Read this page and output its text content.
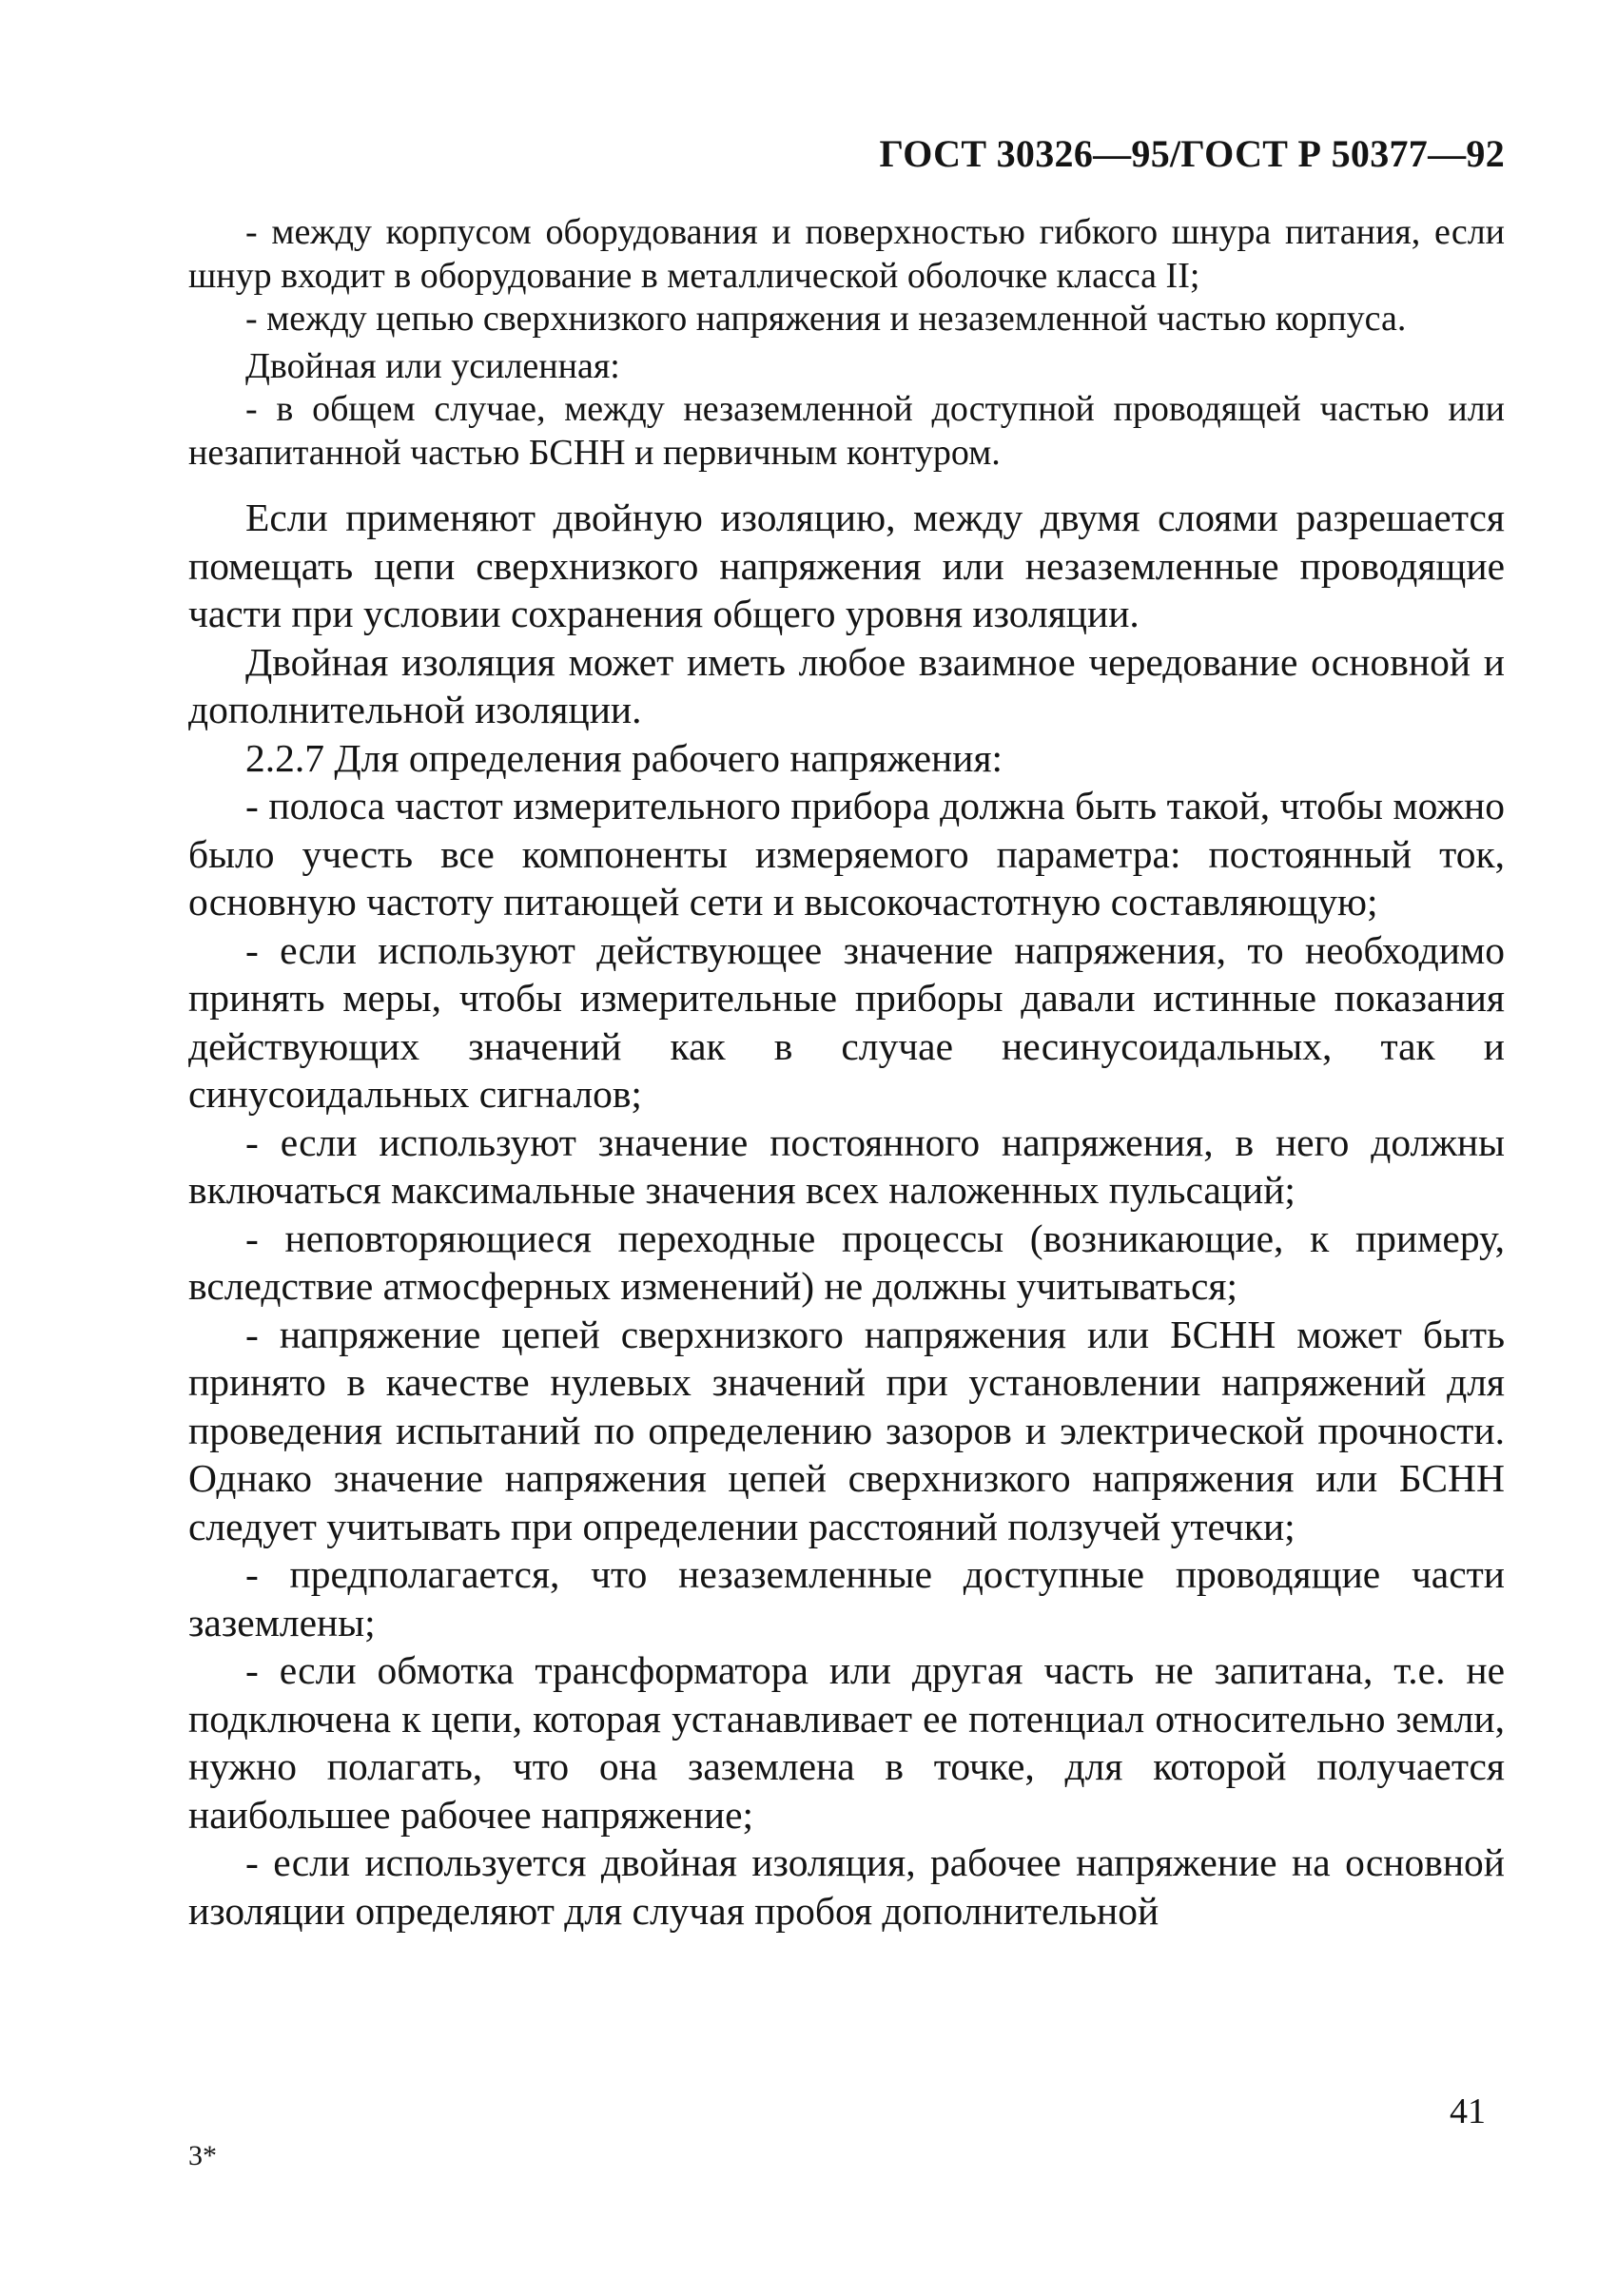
ГОСТ 30326—95/ГОСТ Р 50377—92

- между корпусом оборудования и поверхностью гибкого шнура питания, если шнур входит в оборудование в металлической оболочке класса II;

- между цепью сверхнизкого напряжения и незаземленной частью корпуса.

Двойная или усиленная:

- в общем случае, между незаземленной доступной проводящей частью или незапитанной частью БСНН и первичным контуром.

Если применяют двойную изоляцию, между двумя слоями разрешается помещать цепи сверхнизкого напряжения или незаземленные проводящие части при условии сохранения общего уровня изоляции.

Двойная изоляция может иметь любое взаимное чередование основной и дополнительной изоляции.

2.2.7 Для определения рабочего напряжения:

- полоса частот измерительного прибора должна быть такой, чтобы можно было учесть все компоненты измеряемого параметра: постоянный ток, основную частоту питающей сети и высокочастотную составляющую;

- если используют действующее значение напряжения, то необходимо принять меры, чтобы измерительные приборы давали истинные показания действующих значений как в случае несинусоидальных, так и синусоидальных сигналов;

- если используют значение постоянного напряжения, в него должны включаться максимальные значения всех наложенных пульсаций;

- неповторяющиеся переходные процессы (возникающие, к примеру, вследствие атмосферных изменений) не должны учитываться;

- напряжение цепей сверхнизкого напряжения или БСНН может быть принято в качестве нулевых значений при установлении напряжений для проведения испытаний по определению зазоров и электрической прочности. Однако значение напряжения цепей сверхнизкого напряжения или БСНН следует учитывать при определении расстояний ползучей утечки;

- предполагается, что незаземленные доступные проводящие части заземлены;

- если обмотка трансформатора или другая часть не запитана, т.е. не подключена к цепи, которая устанавливает ее потенциал относительно земли, нужно полагать, что она заземлена в точке, для которой получается наибольшее рабочее напряжение;

- если используется двойная изоляция, рабочее напряжение на основной изоляции определяют для случая пробоя дополнительной

41
3*
